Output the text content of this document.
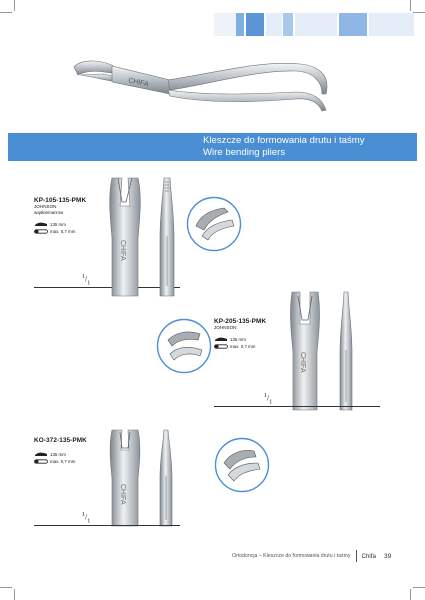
CHIFA
Kleszcze do formowania drutu i taśmy
Wire bending pliers
KP-105-135-PMK
JOHNSON
wąskie/narrow
135 mm
max. 0,7 mm
$^1/_1$
CHIFA
KP-205-135-PMK
JOHNSON
135 mm
max. 0,7 mm
CHIFA
$^1/_1$
KO-372-135-PMK
135 mm
max. 0,7 mm
CHIFA
$^1/_1$
Ortodoncja – Kleszcze do formowania drutu i taśmy Chifa 39
